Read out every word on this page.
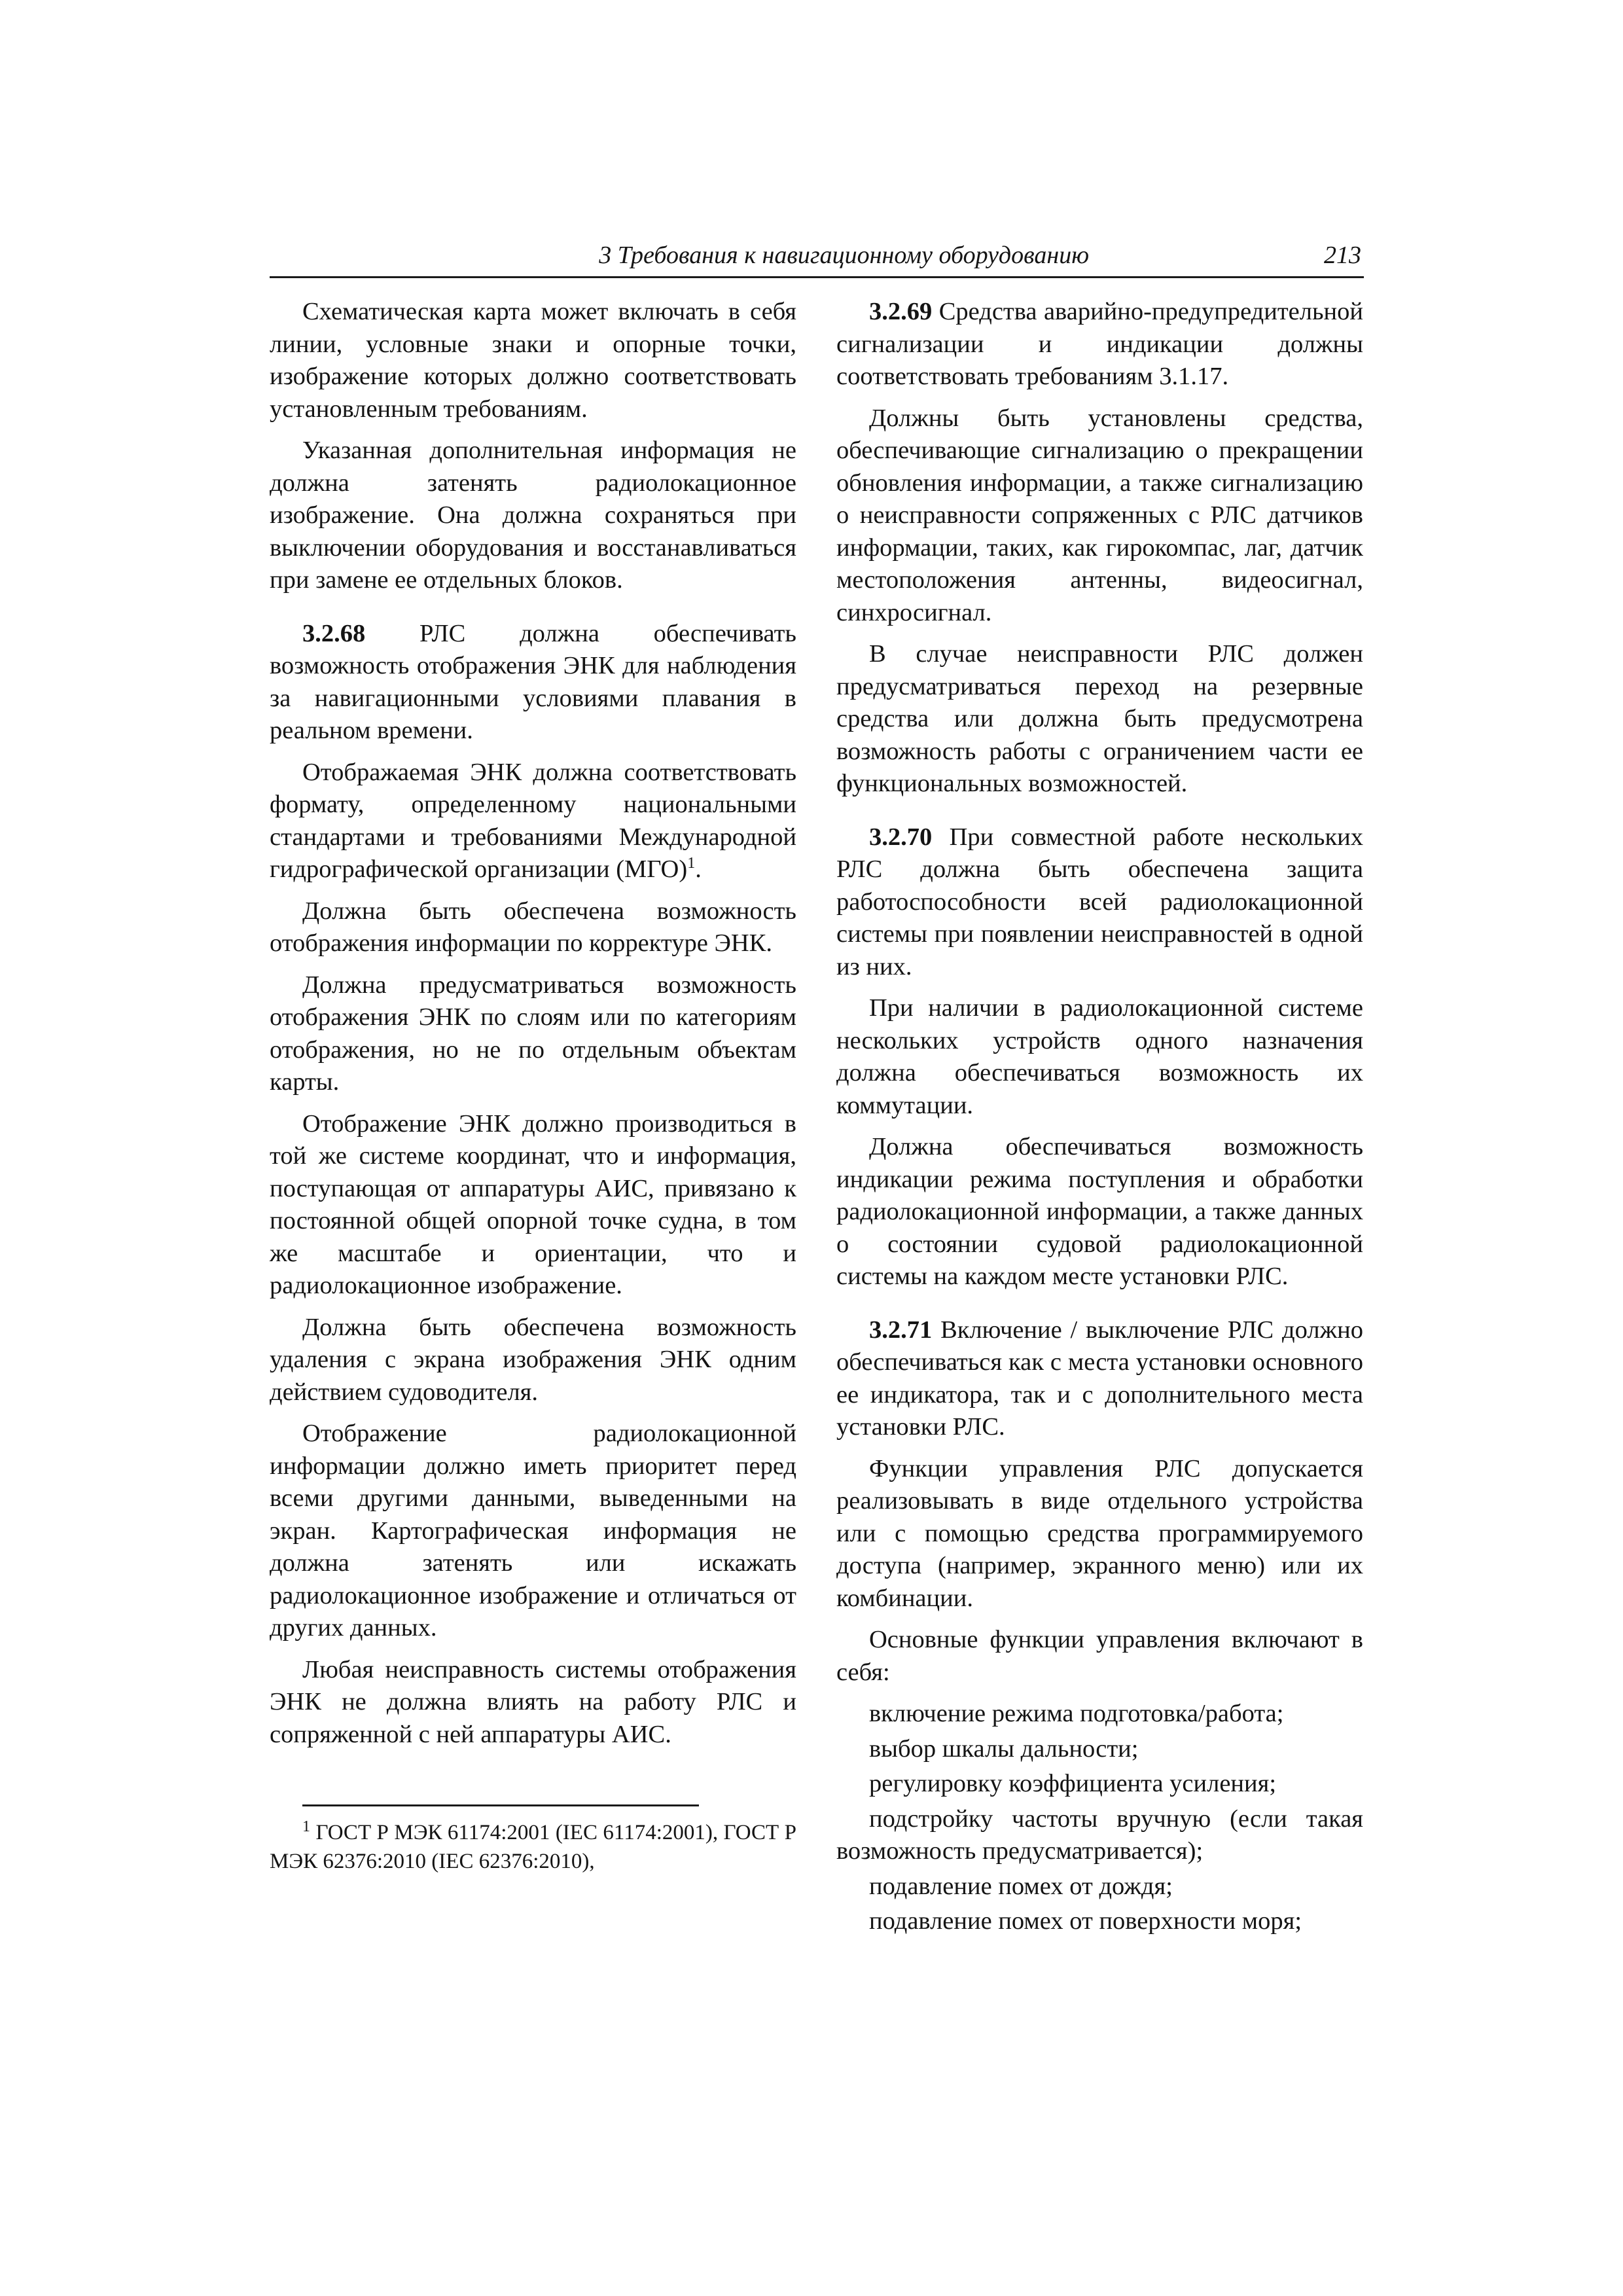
3 Требования к навигационному оборудованию	213

Схематическая карта может включать в себя линии, условные знаки и опорные точки, изображение которых должно соответствовать установленным требованиям.

Указанная дополнительная информация не должна затенять радиолокационное изображение. Она должна сохраняться при выключении оборудования и восстанавливаться при замене ее отдельных блоков.

3.2.68 РЛС должна обеспечивать возможность отображения ЭНК для наблюдения за навигационными условиями плавания в реальном времени.

Отображаемая ЭНК должна соответствовать формату, определенному национальными стандартами и требованиями Международной гидрографической организации (МГО)$^1$.

Должна быть обеспечена возможность отображения информации по корректуре ЭНК.

Должна предусматриваться возможность отображения ЭНК по слоям или по категориям отображения, но не по отдельным объектам карты.

Отображение ЭНК должно производиться в той же системе координат, что и информация, поступающая от аппаратуры АИС, привязано к постоянной общей опорной точке судна, в том же масштабе и ориентации, что и радиолокационное изображение.

Должна быть обеспечена возможность удаления с экрана изображения ЭНК одним действием судоводителя.

Отображение радиолокационной информации должно иметь приоритет перед всеми другими данными, выведенными на экран. Картографическая информация не должна затенять или искажать радиолокационное изображение и отличаться от других данных.

Любая неисправность системы отображения ЭНК не должна влиять на работу РЛС и сопряженной с ней аппаратуры АИС.

$^1$ ГОСТ Р МЭК 61174:2001 (IEC 61174:2001), ГОСТ Р МЭК 62376:2010 (IEC 62376:2010),

3.2.69 Средства аварийно-предупредительной сигнализации и индикации должны соответствовать требованиям 3.1.17.

Должны быть установлены средства, обеспечивающие сигнализацию о прекращении обновления информации, а также сигнализацию о неисправности сопряженных с РЛС датчиков информации, таких, как гирокомпас, лаг, датчик местоположения антенны, видеосигнал, синхросигнал.

В случае неисправности РЛС должен предусматриваться переход на резервные средства или должна быть предусмотрена возможность работы с ограничением части ее функциональных возможностей.

3.2.70 При совместной работе нескольких РЛС должна быть обеспечена защита работоспособности всей радиолокационной системы при появлении неисправностей в одной из них.

При наличии в радиолокационной системе нескольких устройств одного назначения должна обеспечиваться возможность их коммутации.

Должна обеспечиваться возможность индикации режима поступления и обработки радиолокационной информации, а также данных о состоянии судовой радиолокационной системы на каждом месте установки РЛС.

3.2.71 Включение / выключение РЛС должно обеспечиваться как с места установки основного ее индикатора, так и с дополнительного места установки РЛС.

Функции управления РЛС допускается реализовывать в виде отдельного устройства или с помощью средства программируемого доступа (например, экранного меню) или их комбинации.

Основные функции управления включают в себя:

включение режима подготовка/работа;

выбор шкалы дальности;

регулировку коэффициента усиления;

подстройку частоты вручную (если такая возможность предусматривается);

подавление помех от дождя;

подавление помех от поверхности моря;
